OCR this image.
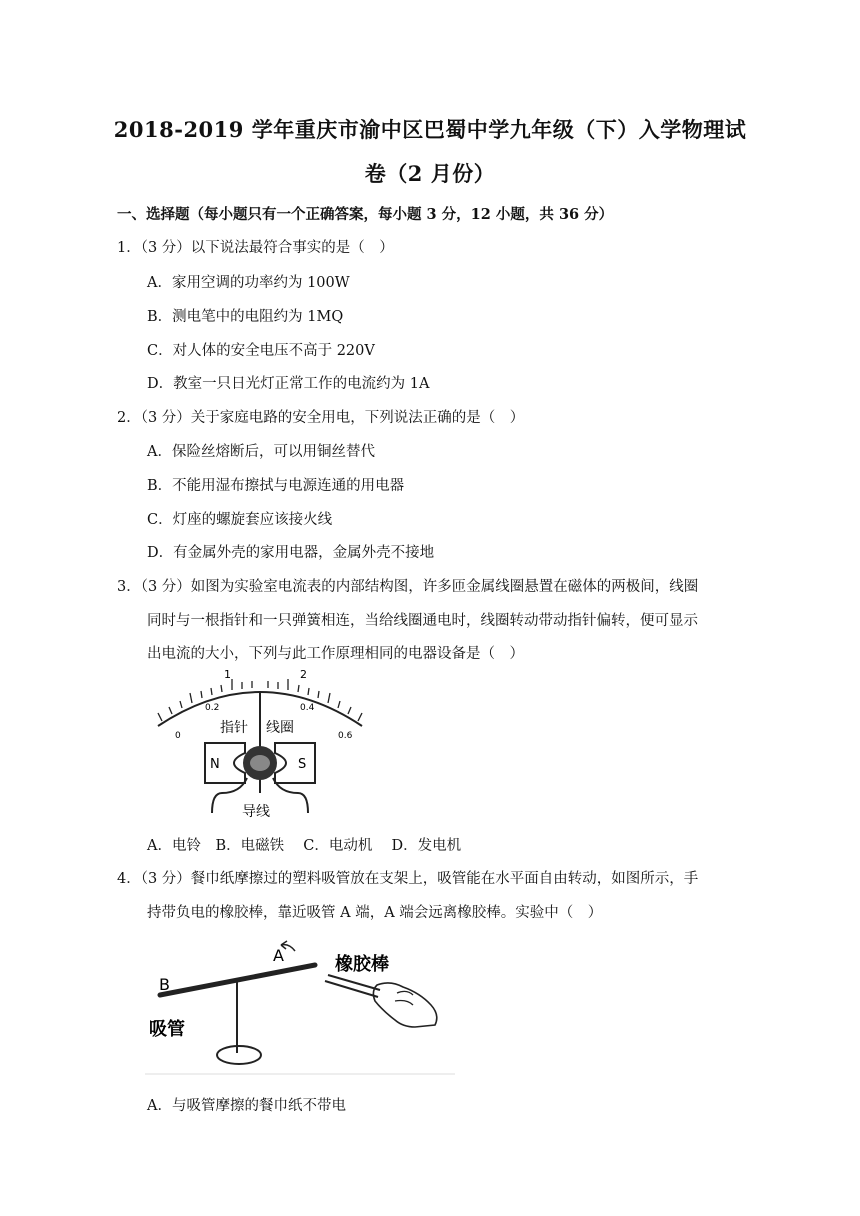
2018-2019 学年重庆市渝中区巴蜀中学九年级（下）入学物理试
卷（2 月份）
一、选择题（每小题只有一个正确答案，每小题 3 分，12 小题，共 36 分）
1．（3 分）以下说法最符合事实的是（　）
A．家用空调的功率约为 100W
B．测电笔中的电阻约为 1MQ
C．对人体的安全电压不高于 220V
D．教室一只日光灯正常工作的电流约为 1A
2．（3 分）关于家庭电路的安全用电，下列说法正确的是（　）
A．保险丝熔断后，可以用铜丝替代
B．不能用湿布擦拭与电源连通的用电器
C．灯座的螺旋套应该接火线
D．有金属外壳的家用电器，金属外壳不接地
3．（3 分）如图为实验室电流表的内部结构图，许多匝金属线圈悬置在磁体的两极间，线圈
同时与一根指针和一只弹簧相连，当给线圈通电时，线圈转动带动指针偏转，便可显示
出电流的大小，下列与此工作原理相同的电器设备是（　）
1	2
0.2	0.4
0	0.6
指针 线圈
N	S
导线
A．电铃　B．电磁铁　 C．电动机　 D．发电机
4．（3 分）餐巾纸摩擦过的塑料吸管放在支架上，吸管能在水平面自由转动，如图所示，手
持带负电的橡胶棒，靠近吸管 A 端，A 端会远离橡胶棒。实验中（　）
B
A
吸管
橡胶棒
A．与吸管摩擦的餐巾纸不带电
